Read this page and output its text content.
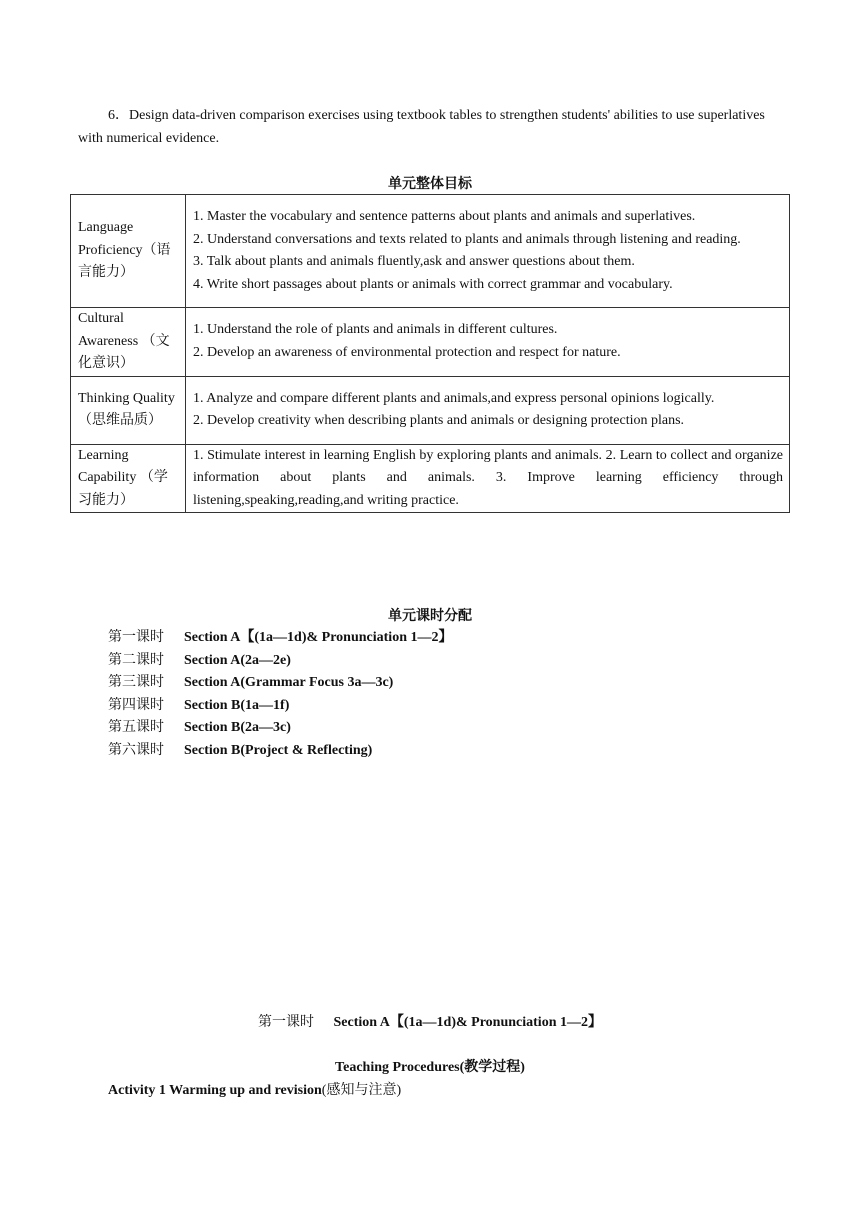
6．Design data-driven comparison exercises using textbook tables to strengthen students' abilities to use superlatives with numerical evidence.

单元整体目标

Language Proficiency（语言能力）	1. Master the vocabulary and sentence patterns about plants and animals and superlatives.
2. Understand conversations and texts related to plants and animals through listening and reading.
3. Talk about plants and animals fluently,ask and answer questions about them.
4. Write short passages about plants or animals with correct grammar and vocabulary.

Cultural Awareness （文化意识）	1. Understand the role of plants and animals in different cultures.
2. Develop an awareness of environmental protection and respect for nature.

Thinking Quality（思维品质）	1. Analyze and compare different plants and animals,and express personal opinions logically.
2. Develop creativity when describing plants and animals or designing protection plans.

Learning Capability （学习能力）	1. Stimulate interest in learning English by exploring plants and animals. 2. Learn to collect and organize information about plants and animals. 3. Improve learning efficiency through listening,speaking,reading,and writing practice.

单元课时分配

第一课时	Section A【(1a—1d)& Pronunciation 1—2】
第二课时	Section A(2a—2e)
第三课时	Section A(Grammar Focus 3a—3c)
第四课时	Section B(1a—1f)
第五课时	Section B(2a—3c)
第六课时	Section B(Project & Reflecting)
第一课时 Section A【(1a—1d)& Pronunciation 1—2】
Teaching Procedures(教学过程)
Activity 1 Warming up and revision(感知与注意)
